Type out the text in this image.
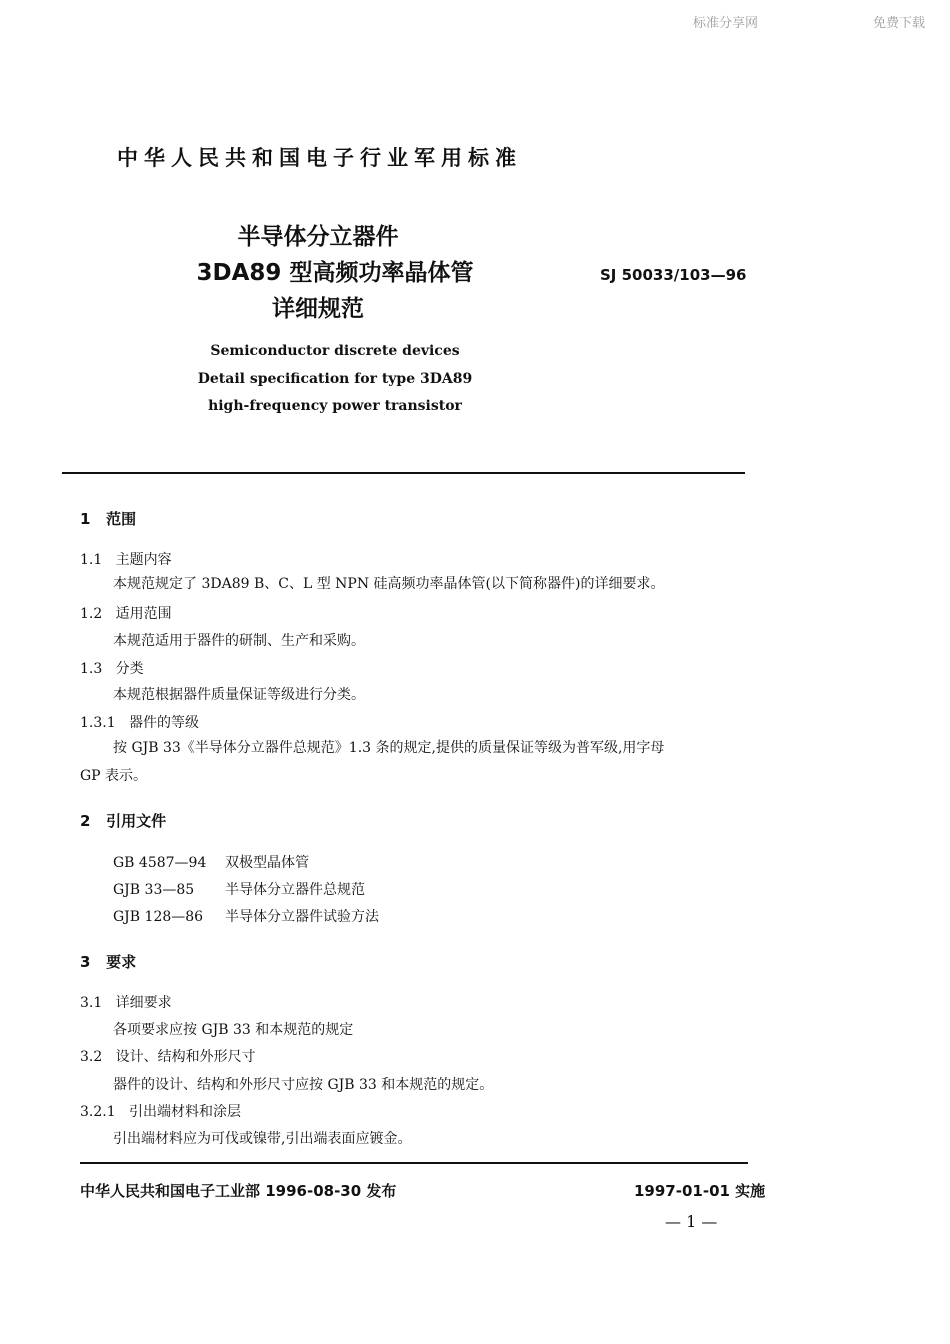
标准分享网	免费下载
中华人民共和国电子行业军用标准
半导体分立器件
3DA89 型高频功率晶体管
详细规范
SJ 50033/103—96
Semiconductor discrete devices
Detail specification for type 3DA89
high-frequency power transistor
1 范围
1.1 主题内容
本规范规定了 3DA89 B、C、L 型 NPN 硅高频功率晶体管(以下简称器件)的详细要求。
1.2 适用范围
本规范适用于器件的研制、生产和采购。
1.3 分类
本规范根据器件质量保证等级进行分类。
1.3.1 器件的等级
按 GJB 33《半导体分立器件总规范》1.3 条的规定,提供的质量保证等级为普军级,用字母
GP 表示。
2 引用文件
GB 4587—94 双极型晶体管
GJB 33—85 半导体分立器件总规范
GJB 128—86 半导体分立器件试验方法
3 要求
3.1 详细要求
各项要求应按 GJB 33 和本规范的规定
3.2 设计、结构和外形尺寸
器件的设计、结构和外形尺寸应按 GJB 33 和本规范的规定。
3.2.1 引出端材料和涂层
引出端材料应为可伐或镍带,引出端表面应镀金。
中华人民共和国电子工业部 1996-08-30 发布	1997-01-01 实施
— 1 —
